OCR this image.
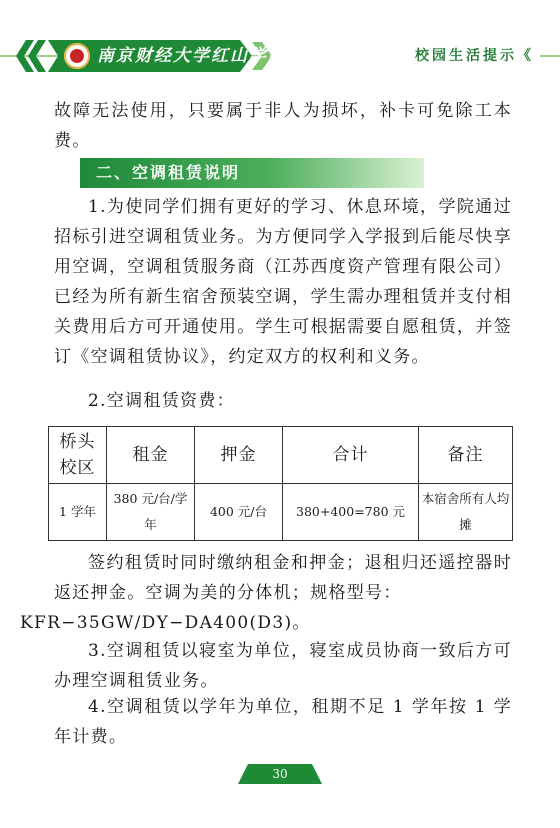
南京财经大学红山学院	校园生活提示《

故障无法使用，只要属于非人为损坏，补卡可免除工本费。

二、空调租赁说明

1.为使同学们拥有更好的学习、休息环境，学院通过招标引进空调租赁业务。为方便同学入学报到后能尽快享用空调，空调租赁服务商（江苏西度资产管理有限公司）已经为所有新生宿舍预装空调，学生需办理租赁并支付相关费用后方可开通使用。学生可根据需要自愿租赁，并签订《空调租赁协议》，约定双方的权利和义务。

2.空调租赁资费：

桥头校区	租金	押金	合计	备注
1 学年	380 元/台/学年	400 元/台	380+400=780 元	本宿舍所有人均摊

签约租赁时同时缴纳租金和押金；退租归还遥控器时返还押金。空调为美的分体机；规格型号：
KFR−35GW/DY−DA400(D3)。

3.空调租赁以寝室为单位，寝室成员协商一致后方可办理空调租赁业务。

4.空调租赁以学年为单位，租期不足 1 学年按 1 学年计费。

30
